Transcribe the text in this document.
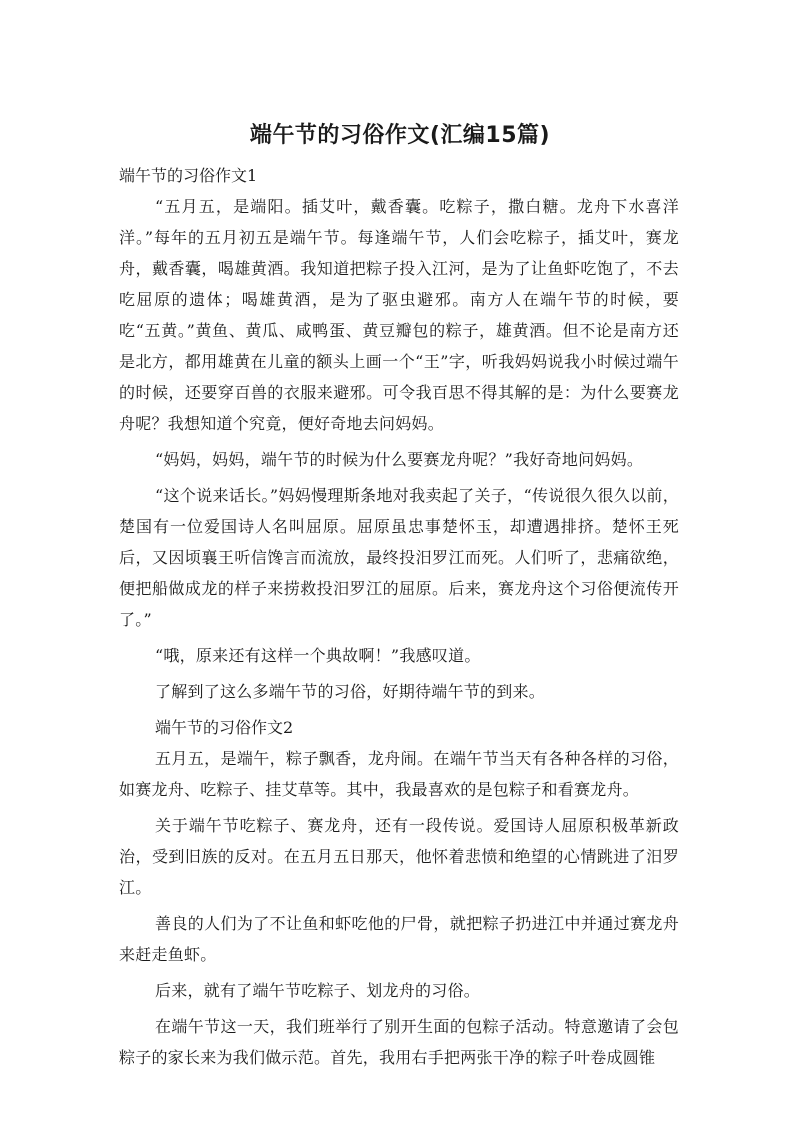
端午节的习俗作文(汇编15篇)

端午节的习俗作文1

“五月五，是端阳。插艾叶，戴香囊。吃粽子，撒白糖。龙舟下水喜洋洋。”每年的五月初五是端午节。每逢端午节，人们会吃粽子，插艾叶，赛龙舟，戴香囊，喝雄黄酒。我知道把粽子投入江河，是为了让鱼虾吃饱了，不去吃屈原的遗体；喝雄黄酒，是为了驱虫避邪。南方人在端午节的时候，要吃“五黄。”黄鱼、黄瓜、咸鸭蛋、黄豆瓣包的粽子，雄黄酒。但不论是南方还是北方，都用雄黄在儿童的额头上画一个“王”字，听我妈妈说我小时候过端午的时候，还要穿百兽的衣服来避邪。可令我百思不得其解的是：为什么要赛龙舟呢？我想知道个究竟，便好奇地去问妈妈。

“妈妈，妈妈，端午节的时候为什么要赛龙舟呢？”我好奇地问妈妈。

“这个说来话长。”妈妈慢理斯条地对我卖起了关子，“传说很久很久以前，楚国有一位爱国诗人名叫屈原。屈原虽忠事楚怀玉，却遭遇排挤。楚怀王死后，又因顷襄王听信馋言而流放，最终投汨罗江而死。人们听了，悲痛欲绝，便把船做成龙的样子来捞救投汨罗江的屈原。后来，赛龙舟这个习俗便流传开了。”

“哦，原来还有这样一个典故啊！”我感叹道。

了解到了这么多端午节的习俗，好期待端午节的到来。

端午节的习俗作文2

五月五，是端午，粽子飘香，龙舟闹。在端午节当天有各种各样的习俗，如赛龙舟、吃粽子、挂艾草等。其中，我最喜欢的是包粽子和看赛龙舟。

关于端午节吃粽子、赛龙舟，还有一段传说。爱国诗人屈原积极革新政治，受到旧族的反对。在五月五日那天，他怀着悲愤和绝望的心情跳进了汨罗江。

善良的人们为了不让鱼和虾吃他的尸骨，就把粽子扔进江中并通过赛龙舟来赶走鱼虾。

后来，就有了端午节吃粽子、划龙舟的习俗。

在端午节这一天，我们班举行了别开生面的包粽子活动。特意邀请了会包粽子的家长来为我们做示范。首先，我用右手把两张干净的粽子叶卷成圆锥
